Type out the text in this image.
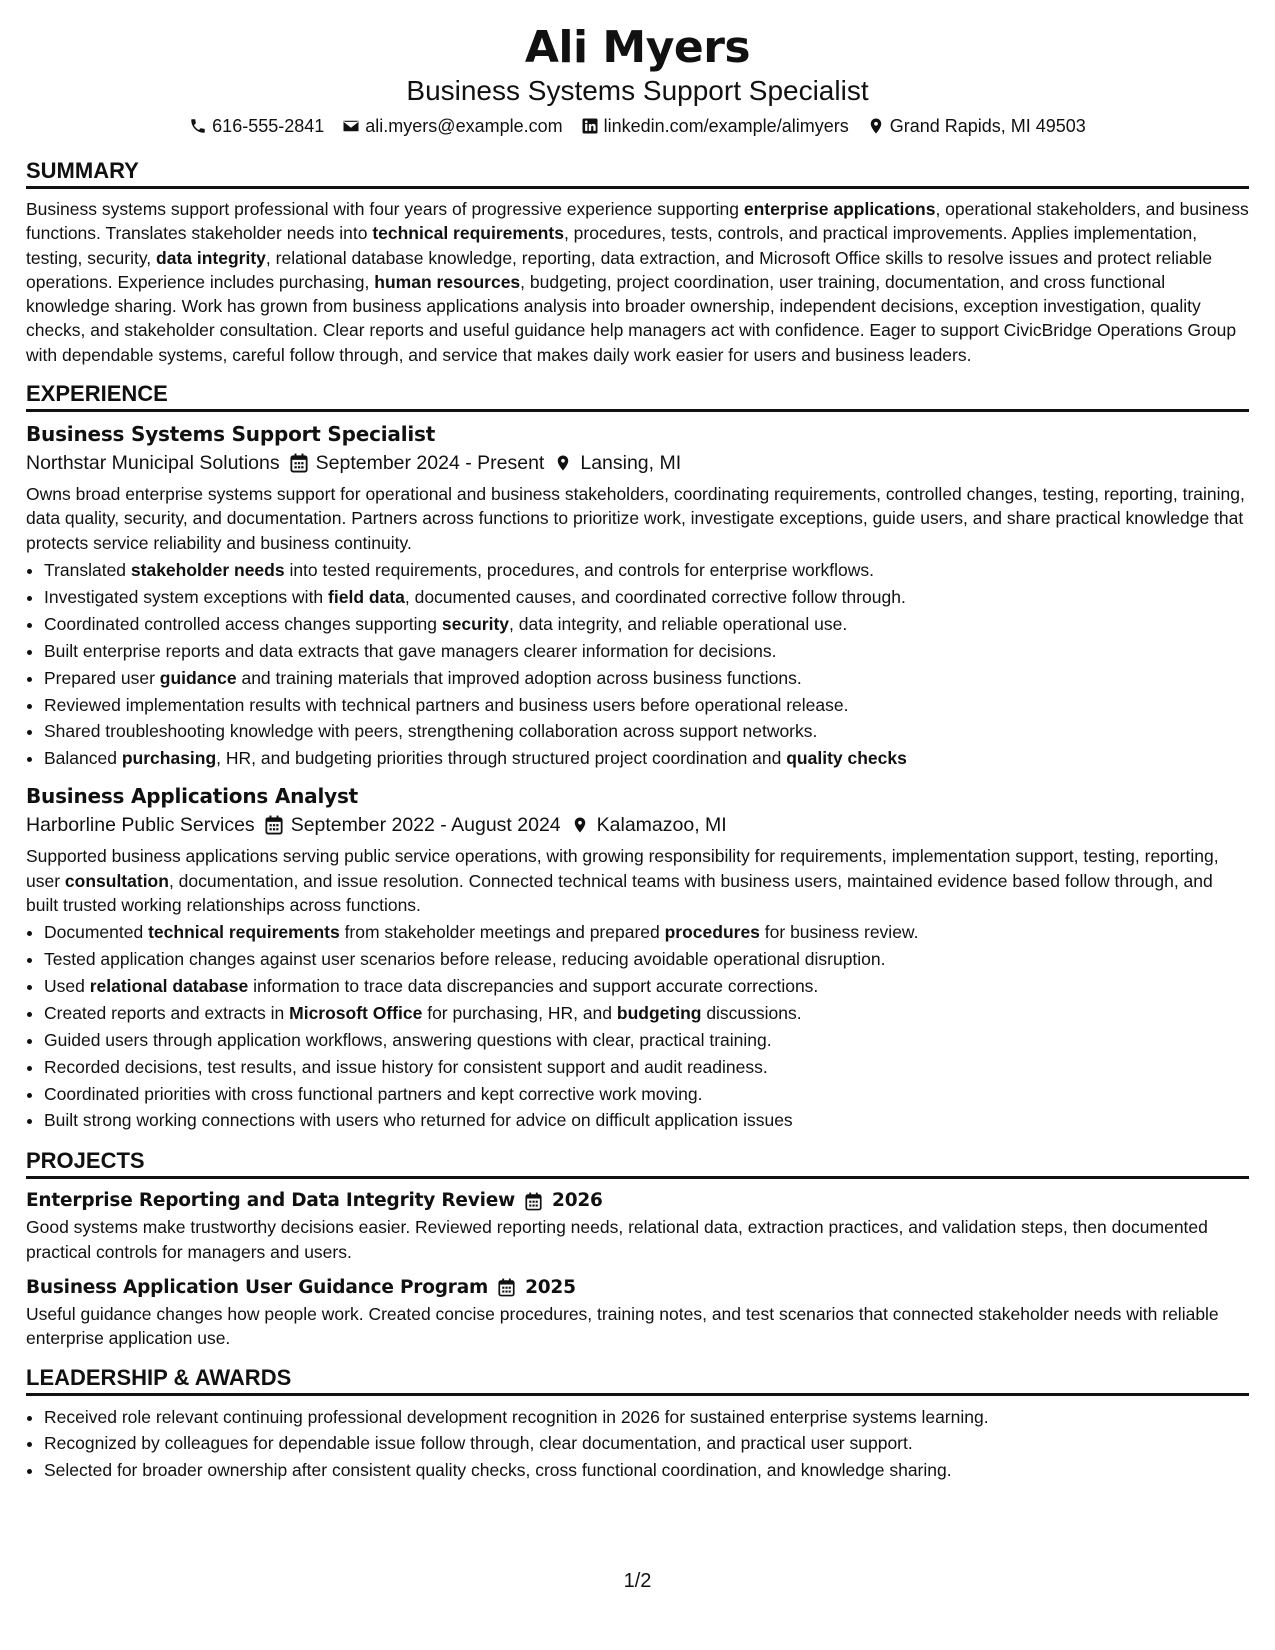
Ali Myers
Business Systems Support Specialist
616-555-2841 ali.myers@example.com linkedin.com/example/alimyers Grand Rapids, MI 49503
SUMMARY

Business systems support professional with four years of progressive experience supporting enterprise applications, operational stakeholders, and business functions. Translates stakeholder needs into technical requirements, procedures, tests, controls, and practical improvements. Applies implementation, testing, security, data integrity, relational database knowledge, reporting, data extraction, and Microsoft Office skills to resolve issues and protect reliable operations. Experience includes purchasing, human resources, budgeting, project coordination, user training, documentation, and cross functional knowledge sharing. Work has grown from business applications analysis into broader ownership, independent decisions, exception investigation, quality checks, and stakeholder consultation. Clear reports and useful guidance help managers act with confidence. Eager to support CivicBridge Operations Group with dependable systems, careful follow through, and service that makes daily work easier for users and business leaders.

EXPERIENCE
Business Systems Support Specialist
Northstar Municipal Solutions September 2024 - Present Lansing, MI

Owns broad enterprise systems support for operational and business stakeholders, coordinating requirements, controlled changes, testing, reporting, training, data quality, security, and documentation. Partners across functions to prioritize work, investigate exceptions, guide users, and share practical knowledge that protects service reliability and business continuity.

• Translated stakeholder needs into tested requirements, procedures, and controls for enterprise workflows.
• Investigated system exceptions with field data, documented causes, and coordinated corrective follow through.
• Coordinated controlled access changes supporting security, data integrity, and reliable operational use.
• Built enterprise reports and data extracts that gave managers clearer information for decisions.
• Prepared user guidance and training materials that improved adoption across business functions.
• Reviewed implementation results with technical partners and business users before operational release.
• Shared troubleshooting knowledge with peers, strengthening collaboration across support networks.
• Balanced purchasing, HR, and budgeting priorities through structured project coordination and quality checks
Business Applications Analyst
Harborline Public Services September 2022 - August 2024 Kalamazoo, MI

Supported business applications serving public service operations, with growing responsibility for requirements, implementation support, testing, reporting, user consultation, documentation, and issue resolution. Connected technical teams with business users, maintained evidence based follow through, and built trusted working relationships across functions.

• Documented technical requirements from stakeholder meetings and prepared procedures for business review.
• Tested application changes against user scenarios before release, reducing avoidable operational disruption.
• Used relational database information to trace data discrepancies and support accurate corrections.
• Created reports and extracts in Microsoft Office for purchasing, HR, and budgeting discussions.
• Guided users through application workflows, answering questions with clear, practical training.
• Recorded decisions, test results, and issue history for consistent support and audit readiness.
• Coordinated priorities with cross functional partners and kept corrective work moving.
• Built strong working connections with users who returned for advice on difficult application issues
PROJECTS
Enterprise Reporting and Data Integrity Review 2026

Good systems make trustworthy decisions easier. Reviewed reporting needs, relational data, extraction practices, and validation steps, then documented practical controls for managers and users.

Business Application User Guidance Program 2025

Useful guidance changes how people work. Created concise procedures, training notes, and test scenarios that connected stakeholder needs with reliable enterprise application use.

LEADERSHIP & AWARDS
• Received role relevant continuing professional development recognition in 2026 for sustained enterprise systems learning.
• Recognized by colleagues for dependable issue follow through, clear documentation, and practical user support.
• Selected for broader ownership after consistent quality checks, cross functional coordination, and knowledge sharing.
1/2
